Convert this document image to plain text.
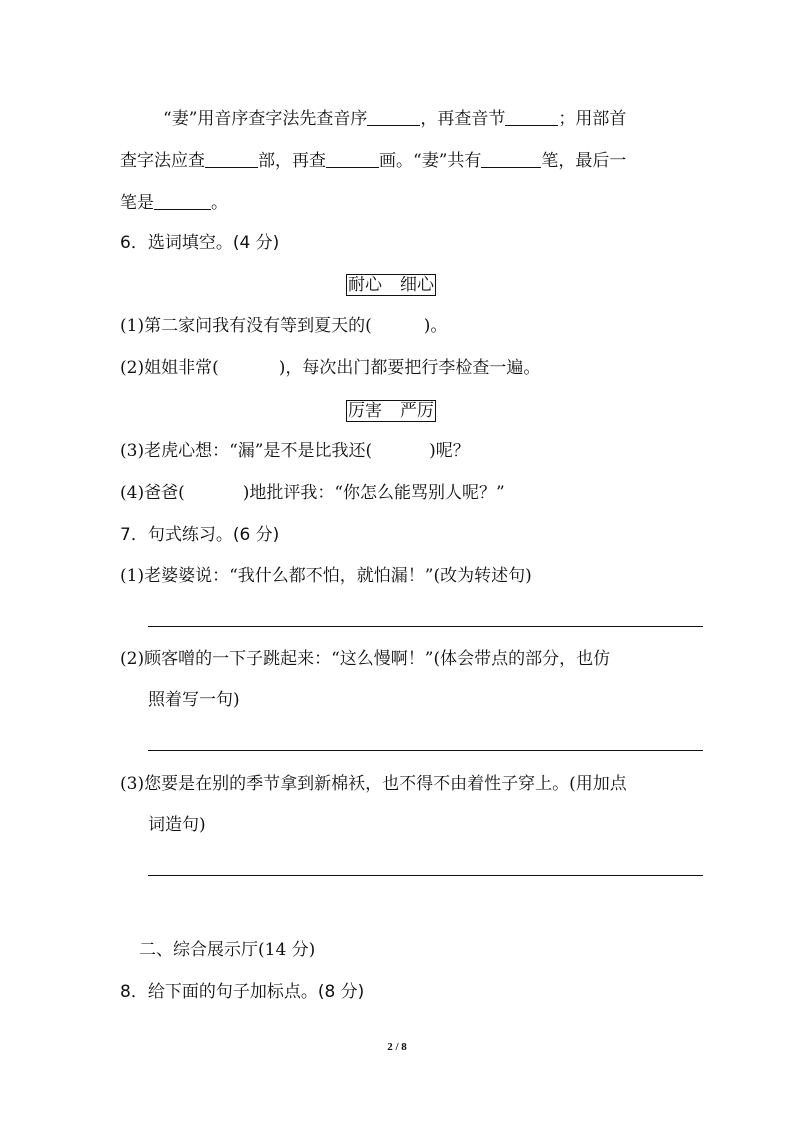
“妻”用音序查字法先查音序	，再查音节	；用部首
查字法应查	部，再查	画。“妻”共有	笔，最后一
笔是	。
6．选词填空。(4 分)
耐心 细心
(1)第二家问我有没有等到夏天的(	)。
(2)姐姐非常(	)，每次出门都要把行李检查一遍。
厉害 严厉
(3)老虎心想：“漏”是不是比我还(	)呢？
(4)爸爸(	)地批评我：“你怎么能骂别人呢？”
7．句式练习。(6 分)
(1)老婆婆说：“我什么都不怕，就怕漏！”(改为转述句)
(2)顾客噌的一下子跳起来：“这么慢啊！”(体会带点的部分，也仿
照着写一句)
(3)您要是在别的季节拿到新棉袄，也不得不由着性子穿上。(用加点
词造句)
二、综合展示厅(14 分)
8．给下面的句子加标点。(8 分)
2 / 8
